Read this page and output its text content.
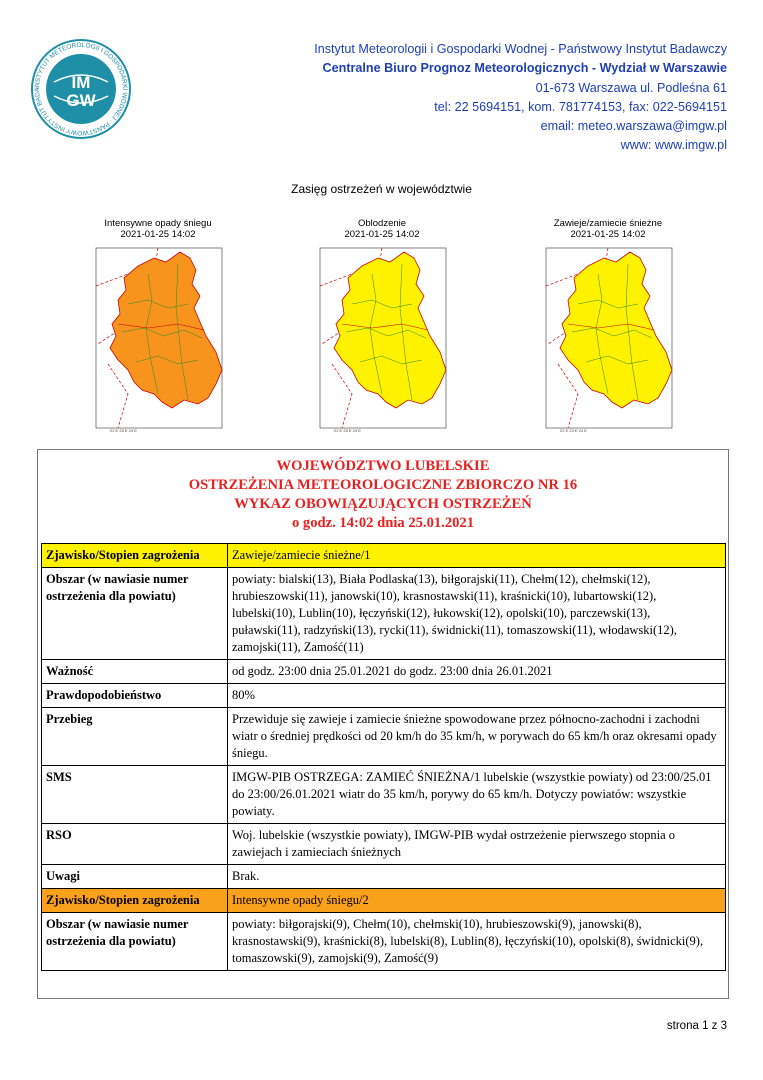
INSTYTUT METEOROLOGII I GOSPODARKI WODNEJ · PAŃSTWOWY INSTYTUT BADA	IM
GW
Instytut Meteorologii i Gospodarki Wodnej - Państwowy Instytut Badawczy
Centralne Biuro Prognoz Meteorologicznych - Wydział w Warszawie
01-673 Warszawa ul. Podleśna 61
tel: 22 5694151, kom. 781774153, fax: 022-5694151
email: meteo.warszawa@imgw.pl
www: www.imgw.pl
Zasięg ostrzeżeń w województwie
Intensywne opady śniegu
2021-01-25 14:02
22 E 23 E 24 E
Oblodzenie
2021-01-25 14:02
22 E 23 E 24 E
Zawieje/zamiecie śnieżne
2021-01-25 14:02
22 E 23 E 24 E
WOJEWÓDZTWO LUBELSKIE
OSTRZEŻENIA METEOROLOGICZNE ZBIORCZO NR 16
WYKAZ OBOWIĄZUJĄCYCH OSTRZEŻEŃ
o godz. 14:02 dnia 25.01.2021
Zjawisko/Stopien zagrożenia	Zawieje/zamiecie śnieżne/1
Obszar (w nawiasie numer ostrzeżenia dla powiatu)	powiaty: bialski(13), Biała Podlaska(13), biłgorajski(11), Chełm(12), chełmski(12), hrubieszowski(11), janowski(10), krasnostawski(11), kraśnicki(10), lubartowski(12), lubelski(10), Lublin(10), łęczyński(12), łukowski(12), opolski(10), parczewski(13), puławski(11), radzyński(13), rycki(11), świdnicki(11), tomaszowski(11), włodawski(12), zamojski(11), Zamość(11)
Ważność	od godz. 23:00 dnia 25.01.2021 do godz. 23:00 dnia 26.01.2021
Prawdopodobieństwo	80%
Przebieg	Przewiduje się zawieje i zamiecie śnieżne spowodowane przez północno-zachodni i zachodni wiatr o średniej prędkości od 20 km/h do 35 km/h, w porywach do 65 km/h oraz okresami opady śniegu.
SMS	IMGW-PIB OSTRZEGA: ZAMIEĆ ŚNIEŻNA/1 lubelskie (wszystkie powiaty) od 23:00/25.01 do 23:00/26.01.2021 wiatr do 35 km/h, porywy do 65 km/h. Dotyczy powiatów: wszystkie powiaty.
RSO	Woj. lubelskie (wszystkie powiaty), IMGW-PIB wydał ostrzeżenie pierwszego stopnia o zawiejach i zamieciach śnieżnych
Uwagi	Brak.
Zjawisko/Stopien zagrożenia	Intensywne opady śniegu/2
Obszar (w nawiasie numer ostrzeżenia dla powiatu)	powiaty: biłgorajski(9), Chełm(10), chełmski(10), hrubieszowski(9), janowski(8), krasnostawski(9), kraśnicki(8), lubelski(8), Lublin(8), łęczyński(10), opolski(8), świdnicki(9), tomaszowski(9), zamojski(9), Zamość(9)
strona 1 z 3
